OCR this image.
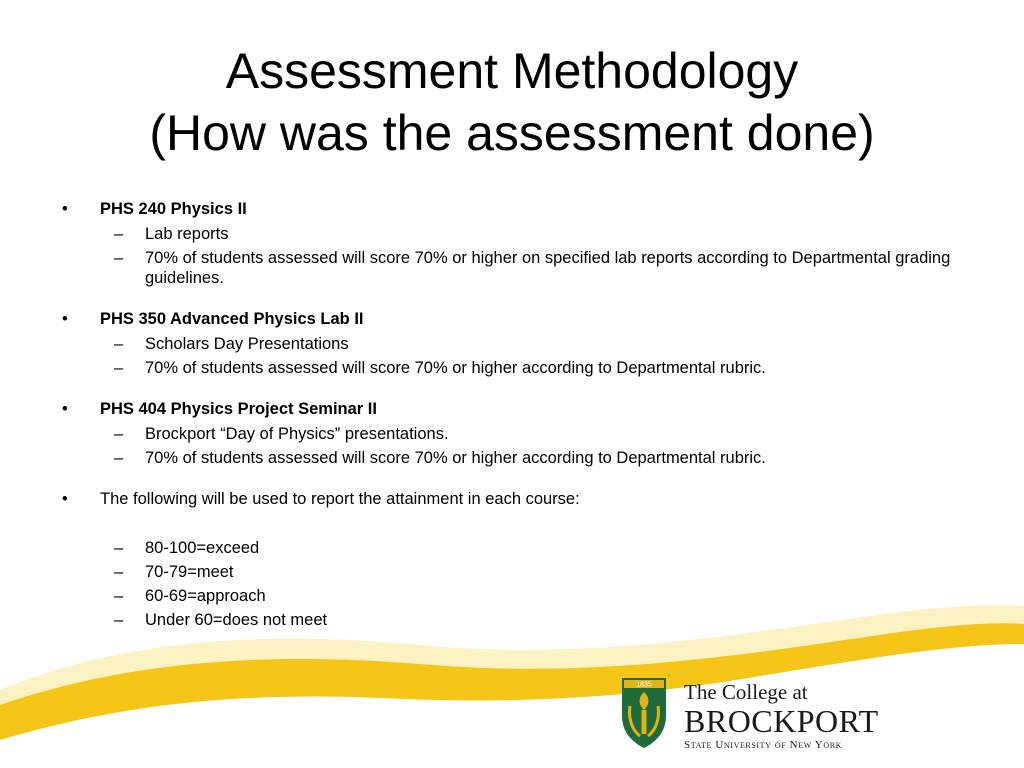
Assessment Methodology
(How was the assessment done)
•	PHS 240 Physics II
– Lab reports
– 70% of students assessed will score 70% or higher on specified lab reports according to Departmental grading guidelines.
•	PHS 350 Advanced Physics Lab II
– Scholars Day Presentations
– 70% of students assessed will score 70% or higher according to Departmental rubric.
•	PHS 404 Physics Project Seminar II
– Brockport “Day of Physics” presentations.
– 70% of students assessed will score 70% or higher according to Departmental rubric.
•	The following will be used to report the attainment in each course:
– 80-100=exceed
– 70-79=meet
– 60-69=approach
– Under 60=does not meet
1835 The College at
BROCKPORT
State University of New York
